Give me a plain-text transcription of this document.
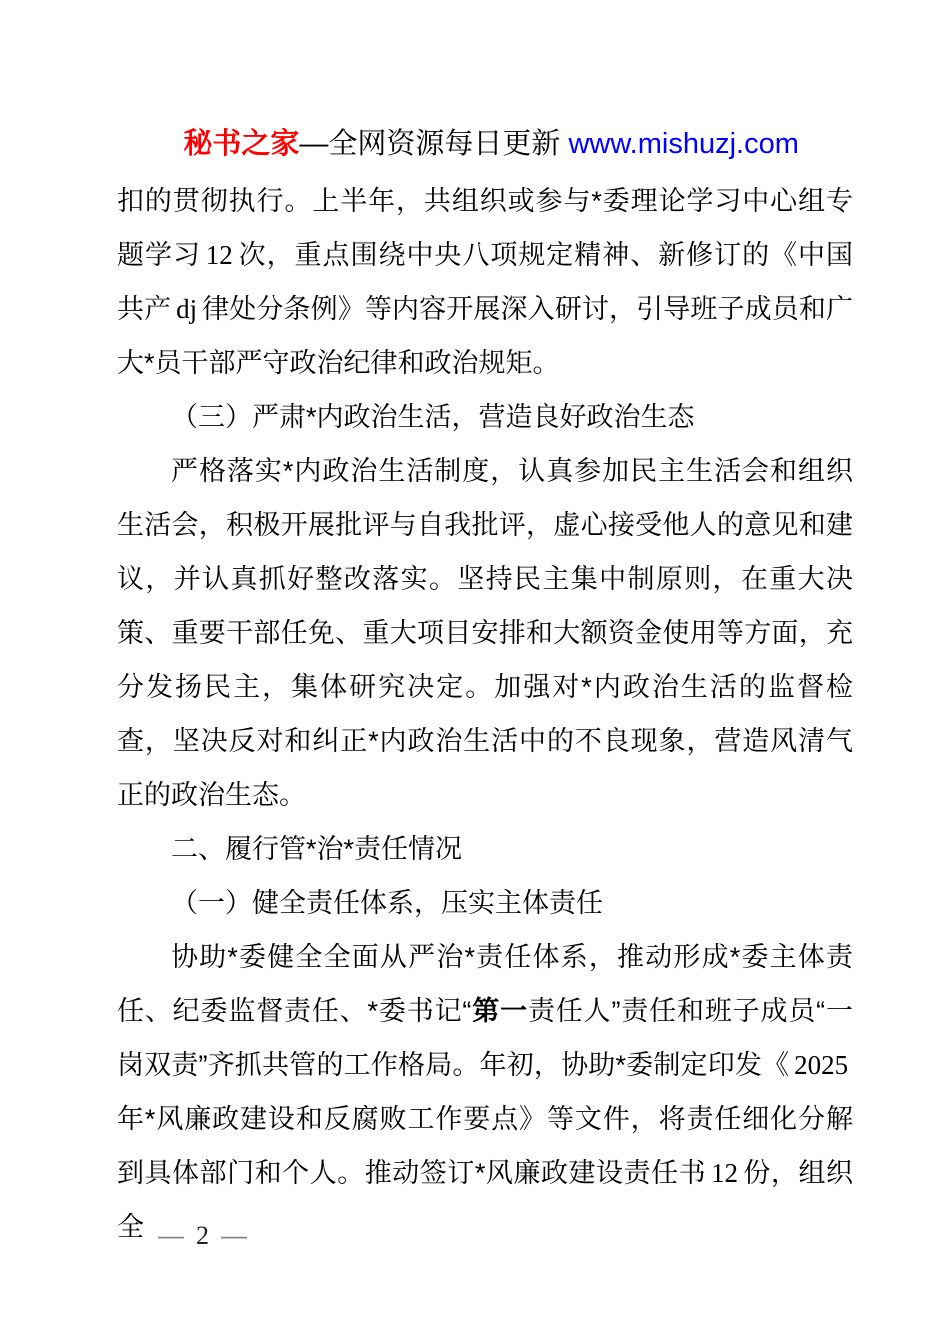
秘书之家—全网资源每日更新 www.mishuzj.com

扣的贯彻执行。上半年，共组织或参与*委理论学习中心组专题学习 12 次，重点围绕中央八项规定精神、新修订的《中国共产 dj 律处分条例》等内容开展深入研讨，引导班子成员和广大*员干部严守政治纪律和政治规矩。

（三）严肃*内政治生活，营造良好政治生态

严格落实*内政治生活制度，认真参加民主生活会和组织生活会，积极开展批评与自我批评，虚心接受他人的意见和建议，并认真抓好整改落实。坚持民主集中制原则，在重大决策、重要干部任免、重大项目安排和大额资金使用等方面，充分发扬民主，集体研究决定。加强对*内政治生活的监督检查，坚决反对和纠正*内政治生活中的不良现象，营造风清气正的政治生态。

二、履行管*治*责任情况

（一）健全责任体系，压实主体责任

协助*委健全全面从严治*责任体系，推动形成*委主体责任、纪委监督责任、*委书记“第一责任人”责任和班子成员“一岗双责”齐抓共管的工作格局。年初，协助*委制定印发《 2025年*风廉政建设和反腐败工作要点》等文件，将责任细化分解到具体部门和个人。推动签订*风廉政建设责任书 12 份，组织全 — 2 —
